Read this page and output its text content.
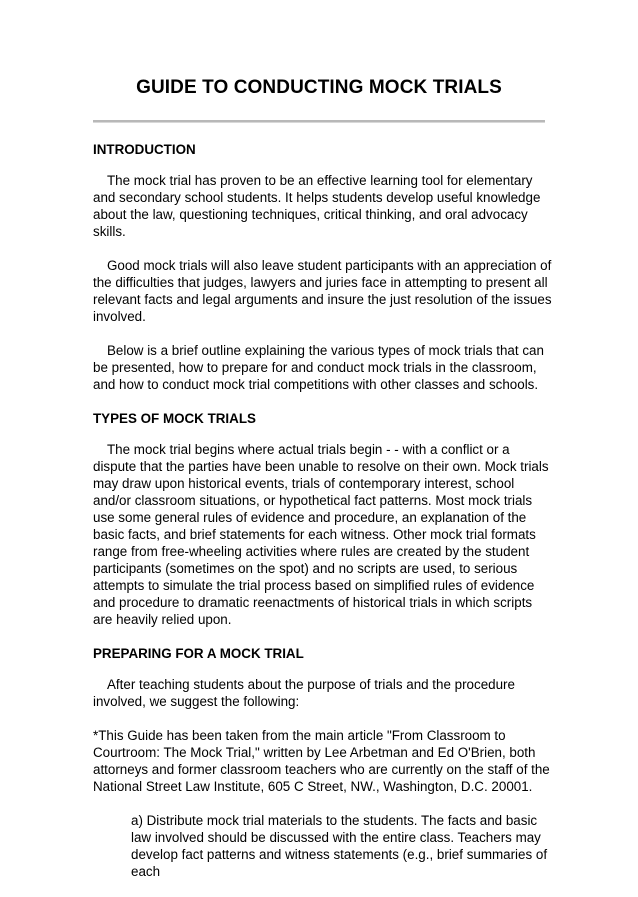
GUIDE TO CONDUCTING MOCK TRIALS
INTRODUCTION

The mock trial has proven to be an effective learning tool for elementary and secondary school students. It helps students develop useful knowledge about the law, questioning techniques, critical thinking, and oral advocacy skills.

Good mock trials will also leave student participants with an appreciation of the difficulties that judges, lawyers and juries face in attempting to present all relevant facts and legal arguments and insure the just resolution of the issues involved.

Below is a brief outline explaining the various types of mock trials that can be presented, how to prepare for and conduct mock trials in the classroom, and how to conduct mock trial competitions with other classes and schools.

TYPES OF MOCK TRIALS

The mock trial begins where actual trials begin - - with a conflict or a dispute that the parties have been unable to resolve on their own. Mock trials may draw upon historical events, trials of contemporary interest, school and/or classroom situations, or hypothetical fact patterns. Most mock trials use some general rules of evidence and procedure, an explanation of the basic facts, and brief statements for each witness. Other mock trial formats range from free-wheeling activities where rules are created by the student participants (sometimes on the spot) and no scripts are used, to serious attempts to simulate the trial process based on simplified rules of evidence and procedure to dramatic reenactments of historical trials in which scripts are heavily relied upon.

PREPARING FOR A MOCK TRIAL

After teaching students about the purpose of trials and the procedure involved, we suggest the following:

*This Guide has been taken from the main article "From Classroom to Courtroom: The Mock Trial," written by Lee Arbetman and Ed O'Brien, both attorneys and former classroom teachers who are currently on the staff of the National Street Law Institute, 605 C Street, NW., Washington, D.C. 20001.

a) Distribute mock trial materials to the students. The facts and basic law involved should be discussed with the entire class. Teachers may develop fact patterns and witness statements (e.g., brief summaries of each
